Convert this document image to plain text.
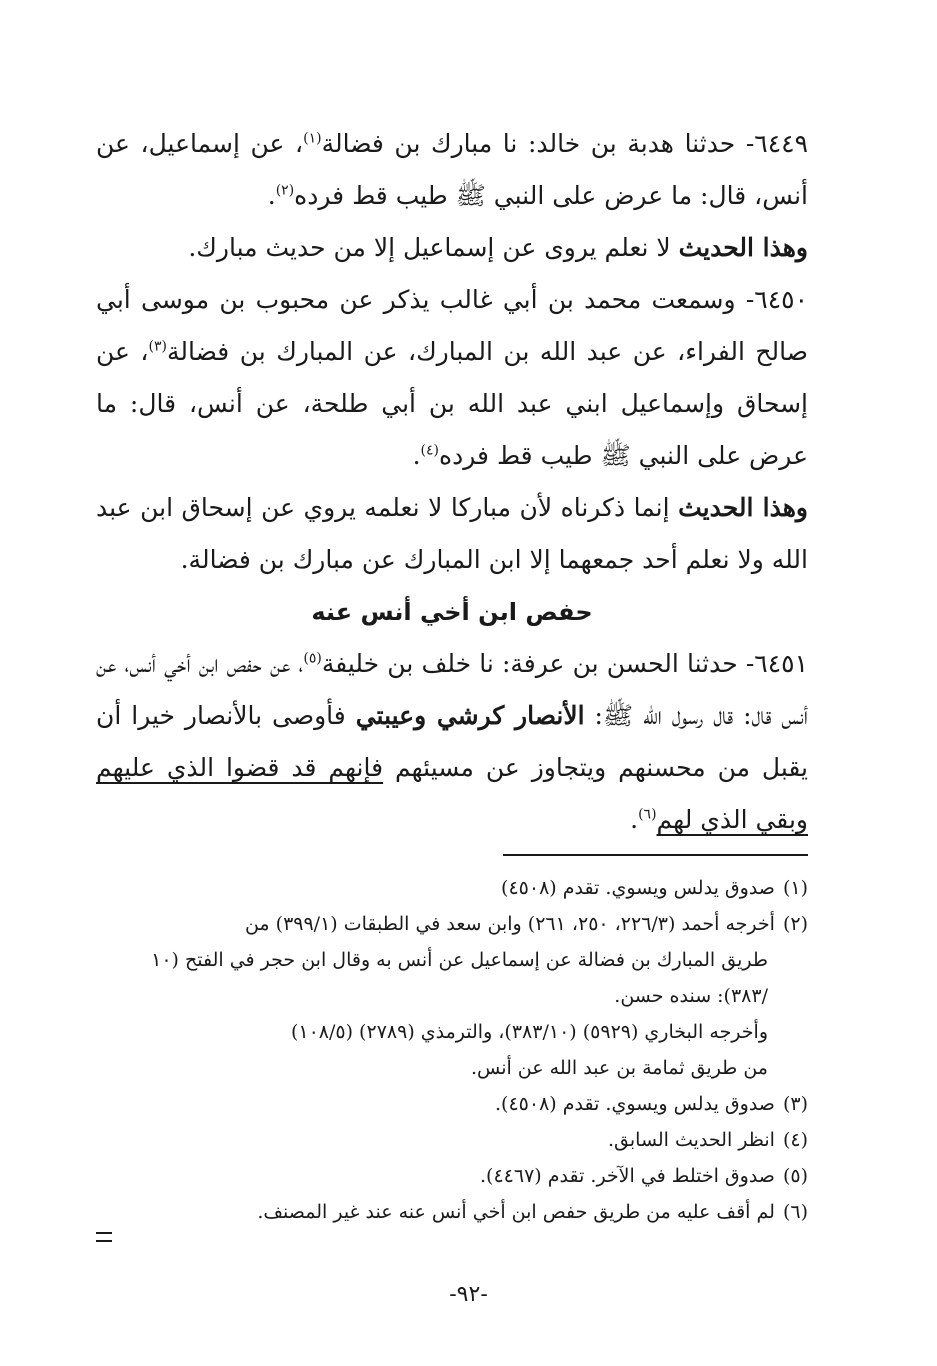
٦٤٤٩- حدثنا هدبة بن خالد: نا مبارك بن فضالة$^{(١)}$، عن إسماعيل، عن أنس، قال: ما عرض على النبي ﷺ طيب قط فرده$^{(٢)}$.

وهذا الحديث لا نعلم يروى عن إسماعيل إلا من حديث مبارك.

٦٤٥٠- وسمعت محمد بن أبي غالب يذكر عن محبوب بن موسى أبي صالح الفراء، عن عبد الله بن المبارك، عن المبارك بن فضالة$^{(٣)}$، عن إسحاق وإسماعيل ابني عبد الله بن أبي طلحة، عن أنس، قال: ما عرض على النبي ﷺ طيب قط فرده$^{(٤)}$.

وهذا الحديث إنما ذكرناه لأن مباركا لا نعلمه يروي عن إسحاق ابن عبد الله ولا نعلم أحد جمعهما إلا ابن المبارك عن مبارك بن فضالة.

حفص ابن أخي أنس عنه

٦٤٥١- حدثنا الحسن بن عرفة: نا خلف بن خليفة$^{(٥)}$، عن حفص ابن أخي أنس، عن أنس قال: قال رسول الله ﷺ: الأنصار كرشي وعيبتي فأوصى بالأنصار خيرا أن يقبل من محسنهم ويتجاوز عن مسيئهم فإنهم قد قضوا الذي عليهم وبقي الذي لهم$^{(٦)}$.

(١)صدوق يدلس ويسوي. تقدم (٤٥٠٨)

(٢)أخرجه أحمد (٢٢٦/٣، ٢٥٠، ٢٦١) وابن سعد في الطبقات (٣٩٩/١) من
طريق المبارك بن فضالة عن إسماعيل عن أنس به وقال ابن حجر في الفتح (١٠
/٣٨٣): سنده حسن.
وأخرجه البخاري (٥٩٢٩) (٣٨٣/١٠)، والترمذي (٢٧٨٩) (١٠٨/٥)
من طريق ثمامة بن عبد الله عن أنس.

(٣)صدوق يدلس ويسوي. تقدم (٤٥٠٨).

(٤)انظر الحديث السابق.

(٥)صدوق اختلط في الآخر. تقدم (٤٤٦٧).

(٦)لم أقف عليه من طريق حفص ابن أخي أنس عنه عند غير المصنف.

-٩٢-
